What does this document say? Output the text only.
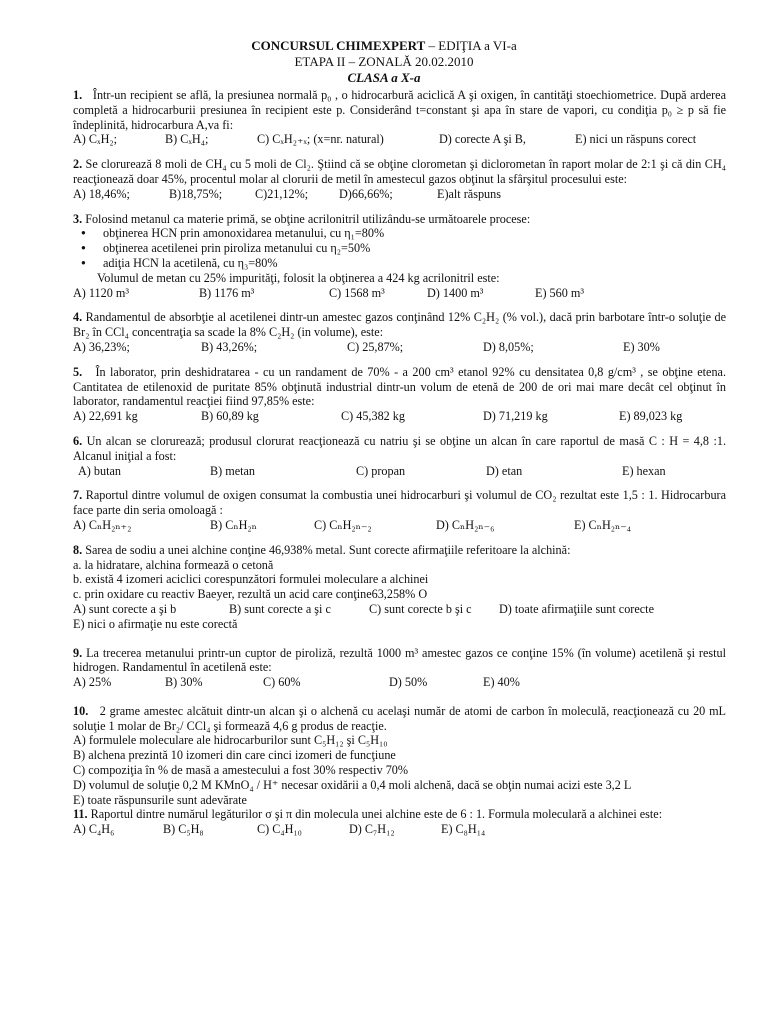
CONCURSUL CHIMEXPERT – EDIŢIA a VI-a
ETAPA II – ZONALĂ 20.02.2010
CLASA a X-a

1. Într-un recipient se află, la presiunea normală p₀ , o hidrocarbură aciclică A şi oxigen, în cantităţi stoechiometrice. După arderea completă a hidrocarburii presiunea în recipient este p. Considerând t=constant şi apa în stare de vapori, cu condiţia p₀ ≥ p să fie îndeplinită, hidrocarbura A,va fi:

A) CₓH₂;	B) CₓH₄;	C) CₓH₂₊ₓ; (x=nr. natural)	D) corecte A şi B,	E) nici un răspuns corect

2. Se clorurează 8 moli de CH₄ cu 5 moli de Cl₂. Ştiind că se obţine clorometan şi diclorometan în raport molar de 2:1 şi că din CH₄ reacţionează doar 45%, procentul molar al clorurii de metil în amestecul gazos obţinut la sfârşitul procesului este:

A) 18,46%;	B)18,75%;	C)21,12%;	D)66,66%;	E)alt răspuns

3. Folosind metanul ca materie primă, se obţine acrilonitril utilizându-se următoarele procese:

● obţinerea HCN prin amonoxidarea metanului, cu η₁=80%
● obţinerea acetilenei prin piroliza metanului cu η₂=50%
● adiţia HCN la acetilenă, cu η₃=80%

Volumul de metan cu 25% impurităţi, folosit la obţinerea a 424 kg acrilonitril este:

A) 1120 m³	B) 1176 m³	C) 1568 m³	D) 1400 m³	E) 560 m³

4. Randamentul de absorbţie al acetilenei dintr-un amestec gazos conţinând 12% C₂H₂ (% vol.), dacă prin barbotare într-o soluţie de Br₂ în CCl₄ concentraţia sa scade la 8% C₂H₂ (in volume), este:

A) 36,23%;	B) 43,26%;	C) 25,87%;	D) 8,05%;	E) 30%

5. În laborator, prin deshidratarea - cu un randament de 70% - a 200 cm³ etanol 92% cu densitatea 0,8 g/cm³ , se obţine etena. Cantitatea de etilenoxid de puritate 85% obţinută industrial dintr-un volum de etenă de 200 de ori mai mare decât cel obţinut în laborator, randamentul reacţiei fiind 97,85% este:

A) 22,691 kg	B) 60,89 kg	C) 45,382 kg	D) 71,219 kg	E) 89,023 kg

6. Un alcan se clorurează; produsul clorurat reacţionează cu natriu şi se obţine un alcan în care raportul de masă C : H = 4,8 :1. Alcanul iniţial a fost:

A) butan	B) metan	C) propan	D) etan	E) hexan

7. Raportul dintre volumul de oxigen consumat la combustia unei hidrocarburi şi volumul de CO₂ rezultat este 1,5 : 1. Hidrocarbura face parte din seria omoloagă :

A) CₙH₂ₙ₊₂	B) CₙH₂ₙ	C) CₙH₂ₙ₋₂	D) CₙH₂ₙ₋₆	E) CₙH₂ₙ₋₄

8. Sarea de sodiu a unei alchine conţine 46,938% metal. Sunt corecte afirmaţiile referitoare la alchină:

a. la hidratare, alchina formează o cetonă

b. există 4 izomeri aciclici corespunzători formulei moleculare a alchinei

c. prin oxidare cu reactiv Baeyer, rezultă un acid care conţine63,258% O

A) sunt corecte a şi b	B) sunt corecte a şi c	C) sunt corecte b şi c	D) toate afirmaţiile sunt corecte

E) nici o afirmaţie nu este corectă

9. La trecerea metanului printr-un cuptor de piroliză, rezultă 1000 m³ amestec gazos ce conţine 15% (în volume) acetilenă şi restul hidrogen. Randamentul în acetilenă este:

A) 25%	B) 30%	C) 60%	D) 50%	E) 40%

10. 2 grame amestec alcătuit dintr-un alcan şi o alchenă cu acelaşi număr de atomi de carbon în moleculă, reacţionează cu 20 mL soluţie 1 molar de Br₂/ CCl₄ şi formează 4,6 g produs de reacţie.

A) formulele moleculare ale hidrocarburilor sunt C₅H₁₂ şi C₅H₁₀

B) alchena prezintă 10 izomeri din care cinci izomeri de funcţiune

C) compoziţia în % de masă a amestecului a fost 30% respectiv 70%

D) volumul de soluţie 0,2 M KMnO₄ / H⁺ necesar oxidării a 0,4 moli alchenă, dacă se obţin numai acizi este 3,2 L

E) toate răspunsurile sunt adevărate

11. Raportul dintre numărul legăturilor σ şi π din molecula unei alchine este de 6 : 1. Formula moleculară a alchinei este:

A) C₄H₆	B) C₅H₈	C) C₄H₁₀	D) C₇H₁₂	E) C₈H₁₄
